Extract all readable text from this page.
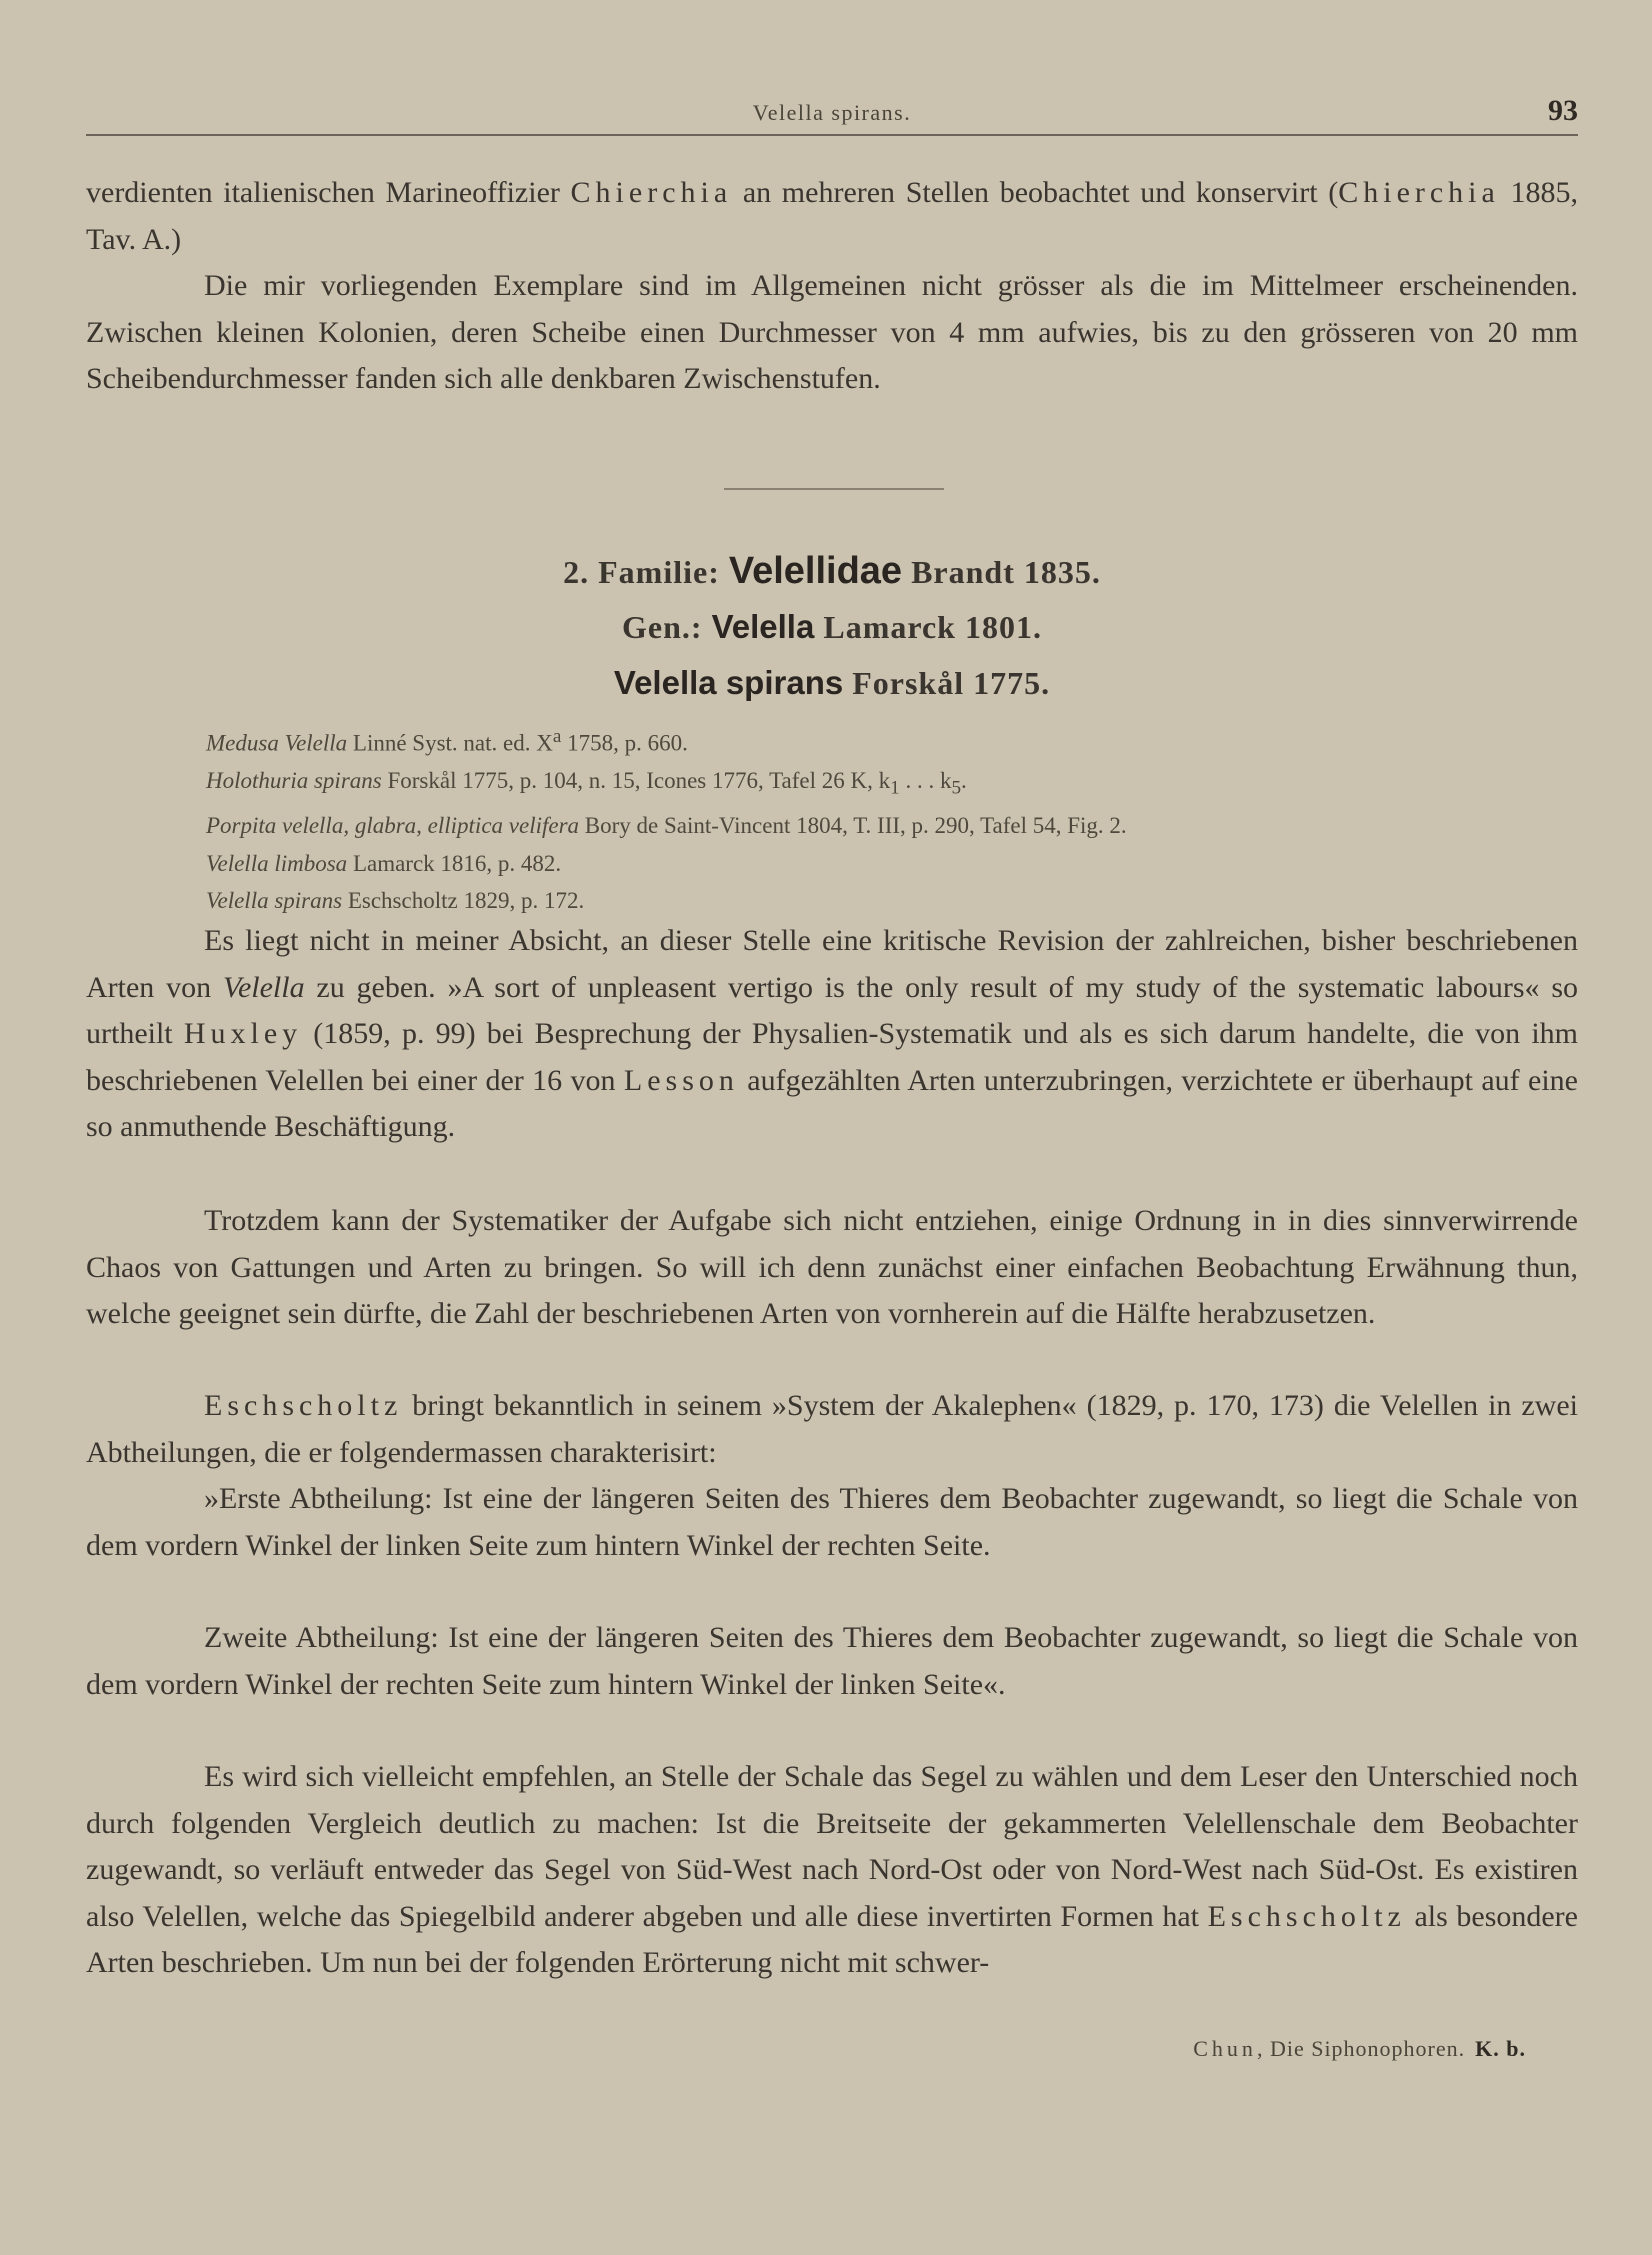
Velella spirans.	93

verdienten italienischen Marineoffizier Chierchia an mehreren Stellen beobachtet und konservirt (Chierchia 1885, Tav. A.)

Die mir vorliegenden Exemplare sind im Allgemeinen nicht grösser als die im Mittelmeer erscheinenden. Zwischen kleinen Kolonien, deren Scheibe einen Durchmesser von 4 mm aufwies, bis zu den grösseren von 20 mm Scheibendurchmesser fanden sich alle denkbaren Zwischenstufen.

2. Familie: Velellidae Brandt 1835.
Gen.: Velella Lamarck 1801.
Velella spirans Forskål 1775.
Medusa Velella Linné Syst. nat. ed. $X^a$ 1758, p. 660.
Holothuria spirans Forskål 1775, p. 104, n. 15, Icones 1776, Tafel 26 K, $k_1$ . . . $k_5$.
Porpita velella, glabra, elliptica velifera Bory de Saint-Vincent 1804, T. III, p. 290, Tafel 54, Fig. 2.
Velella limbosa Lamarck 1816, p. 482.
Velella spirans Eschscholtz 1829, p. 172.

Es liegt nicht in meiner Absicht, an dieser Stelle eine kritische Revision der zahlreichen, bisher beschriebenen Arten von Velella zu geben. »A sort of unpleasent vertigo is the only result of my study of the systematic labours« so urtheilt Huxley (1859, p. 99) bei Besprechung der Physalien-Systematik und als es sich darum handelte, die von ihm beschriebenen Velellen bei einer der 16 von Lesson aufgezählten Arten unterzubringen, verzichtete er überhaupt auf eine so anmuthende Beschäftigung.

Trotzdem kann der Systematiker der Aufgabe sich nicht entziehen, einige Ordnung in in dies sinnverwirrende Chaos von Gattungen und Arten zu bringen. So will ich denn zunächst einer einfachen Beobachtung Erwähnung thun, welche geeignet sein dürfte, die Zahl der beschriebenen Arten von vornherein auf die Hälfte herabzusetzen.

Eschscholtz bringt bekanntlich in seinem »System der Akalephen« (1829, p. 170, 173) die Velellen in zwei Abtheilungen, die er folgendermassen charakterisirt:

»Erste Abtheilung: Ist eine der längeren Seiten des Thieres dem Beobachter zugewandt, so liegt die Schale von dem vordern Winkel der linken Seite zum hintern Winkel der rechten Seite.

Zweite Abtheilung: Ist eine der längeren Seiten des Thieres dem Beobachter zugewandt, so liegt die Schale von dem vordern Winkel der rechten Seite zum hintern Winkel der linken Seite«.

Es wird sich vielleicht empfehlen, an Stelle der Schale das Segel zu wählen und dem Leser den Unterschied noch durch folgenden Vergleich deutlich zu machen: Ist die Breitseite der gekammerten Velellenschale dem Beobachter zugewandt, so verläuft entweder das Segel von Süd-West nach Nord-Ost oder von Nord-West nach Süd-Ost. Es existiren also Velellen, welche das Spiegelbild anderer abgeben und alle diese invertirten Formen hat Eschscholtz als besondere Arten beschrieben. Um nun bei der folgenden Erörterung nicht mit schwer-

Chun, Die Siphonophoren. K. b.
